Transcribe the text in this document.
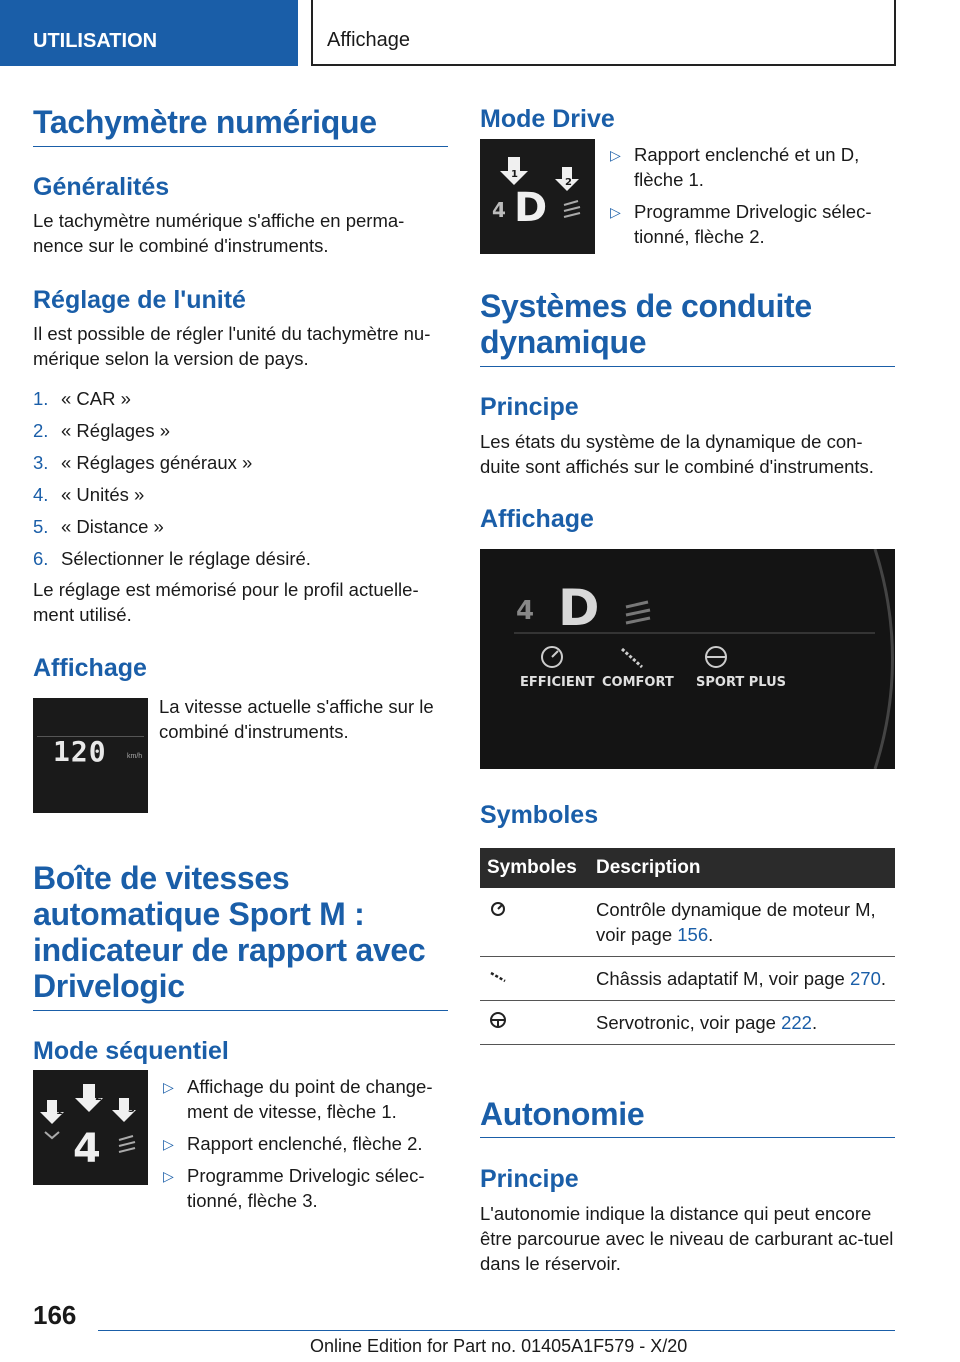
UTILISATION	Affichage
Tachymètre numérique
Généralités

Le tachymètre numérique s'affiche en perma-nence sur le combiné d'instruments.

Réglage de l'unité

Il est possible de régler l'unité du tachymètre nu-mérique selon la version de pays.

1. « CAR »
2. « Réglages »
3. « Réglages généraux »
4. « Unités »
5. « Distance »
6. Sélectionner le réglage désiré.

Le réglage est mémorisé pour le profil actuelle-ment utilisé.

Affichage
120	km/h

La vitesse actuelle s'affiche sur le combiné d'instruments.

Boîte de vitesses automatique Sport M : indicateur de rapport avec Drivelogic
Mode séquentiel
1
2
3
4
▷ Affichage du point de change-ment de vitesse, flèche 1.
▷ Rapport enclenché, flèche 2.
▷ Programme Drivelogic sélec-tionné, flèche 3.
Mode Drive
1
2
4 D
▷ Rapport enclenché et un D, flèche 1.
▷ Programme Drivelogic sélec-tionné, flèche 2.
Systèmes de conduite dynamique
Principe

Les états du système de la dynamique de con-duite sont affichés sur le combiné d'instruments.

Affichage
4 D
EFFICIENT COMFORT SPORT PLUS
Symboles
Symboles	Description
	Contrôle dynamique de moteur M, voir page 156.
	Châssis adaptatif M, voir page 270.
	Servotronic, voir page 222.
Autonomie
Principe

L'autonomie indique la distance qui peut encore être parcourue avec le niveau de carburant ac-tuel dans le réservoir.

166
Online Edition for Part no. 01405A1F579 - X/20
